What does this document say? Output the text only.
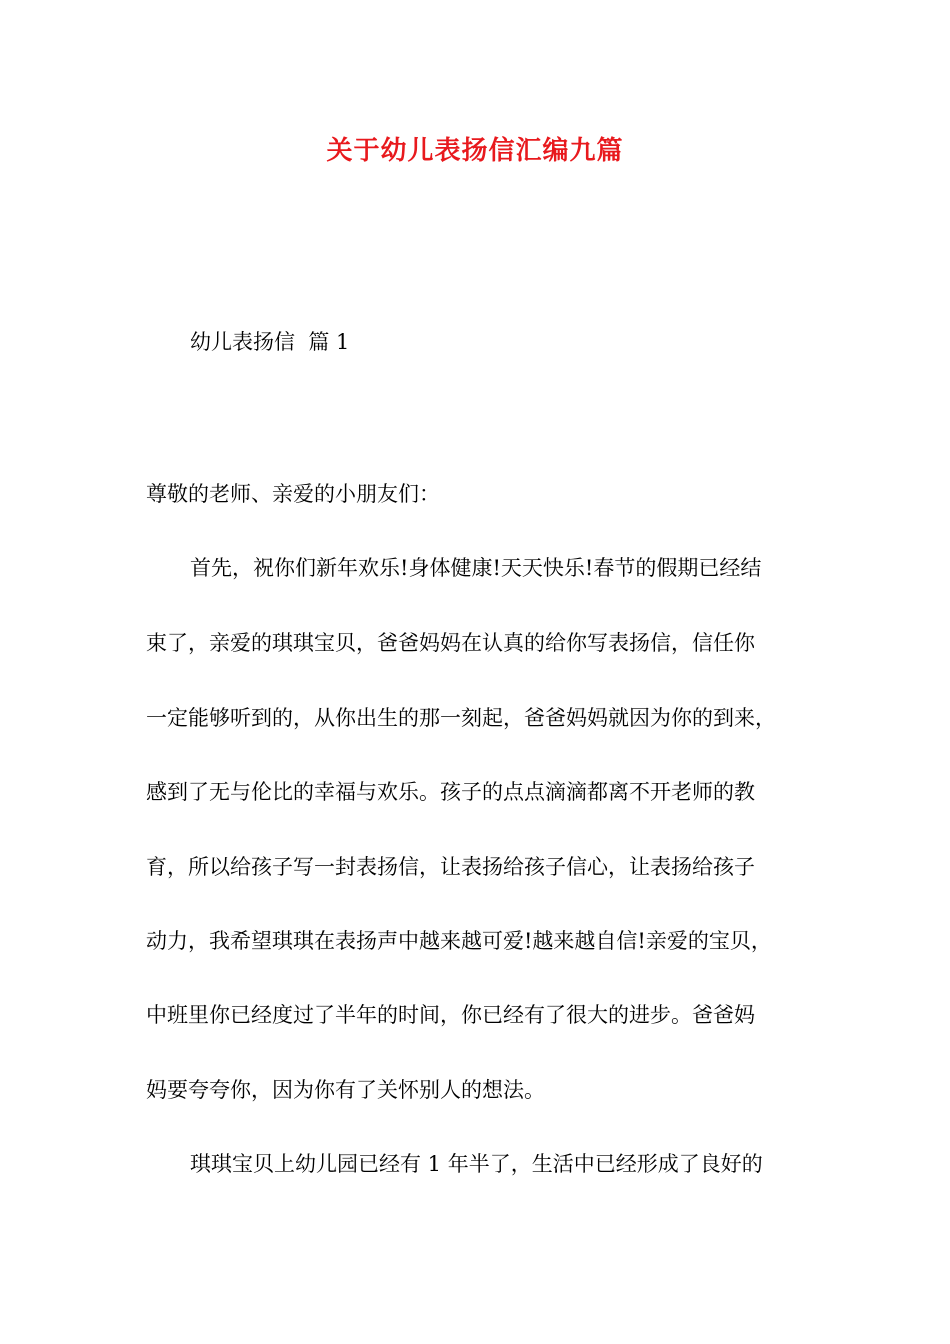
关于幼儿表扬信汇编九篇
幼儿表扬信  篇 1
尊敬的老师、亲爱的小朋友们：
首先，祝你们新年欢乐!身体健康!天天快乐!春节的假期已经结
束了，亲爱的琪琪宝贝，爸爸妈妈在认真的给你写表扬信，信任你
一定能够听到的，从你出生的那一刻起，爸爸妈妈就因为你的到来，
感到了无与伦比的幸福与欢乐。孩子的点点滴滴都离不开老师的教
育，所以给孩子写一封表扬信，让表扬给孩子信心，让表扬给孩子
动力，我希望琪琪在表扬声中越来越可爱!越来越自信!亲爱的宝贝，
中班里你已经度过了半年的时间，你已经有了很大的进步。爸爸妈
妈要夸夸你，因为你有了关怀别人的想法。
琪琪宝贝上幼儿园已经有 1 年半了，生活中已经形成了良好的
